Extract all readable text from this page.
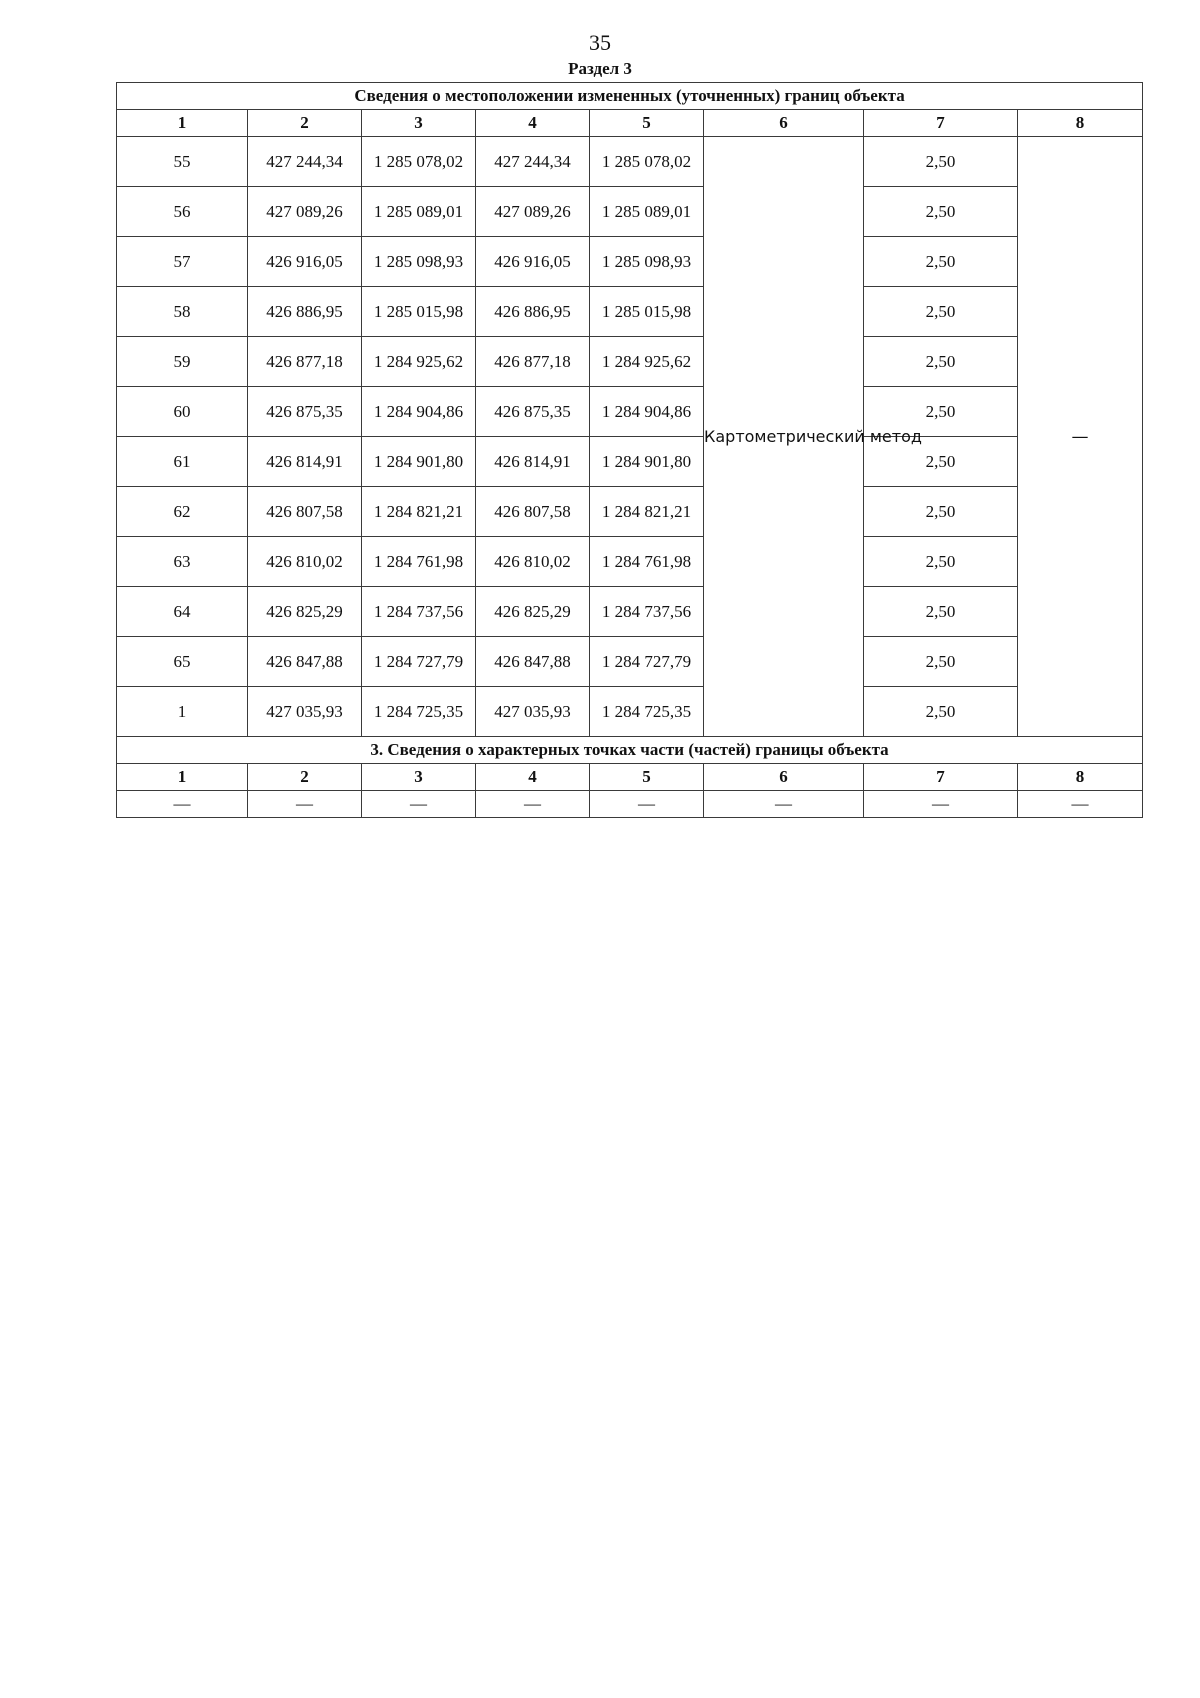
35
Раздел 3
Сведения о местоположении измененных (уточненных) границ объекта							
1	2	3	4	5	6	7	8
55	427 244,34	1 285 078,02	427 244,34	1 285 078,02	Картометрический метод	2,50	—
56	427 089,26	1 285 089,01	427 089,26	1 285 089,01		2,50	
57	426 916,05	1 285 098,93	426 916,05	1 285 098,93		2,50	
58	426 886,95	1 285 015,98	426 886,95	1 285 015,98		2,50	
59	426 877,18	1 284 925,62	426 877,18	1 284 925,62		2,50	
60	426 875,35	1 284 904,86	426 875,35	1 284 904,86		2,50	
61	426 814,91	1 284 901,80	426 814,91	1 284 901,80		2,50	
62	426 807,58	1 284 821,21	426 807,58	1 284 821,21		2,50	
63	426 810,02	1 284 761,98	426 810,02	1 284 761,98		2,50	
64	426 825,29	1 284 737,56	426 825,29	1 284 737,56		2,50	
65	426 847,88	1 284 727,79	426 847,88	1 284 727,79		2,50	
1	427 035,93	1 284 725,35	427 035,93	1 284 725,35		2,50	
3. Сведения о характерных точках части (частей) границы объекта							
1	2	3	4	5	6	7	8
—	—	—	—	—	—	—	—
